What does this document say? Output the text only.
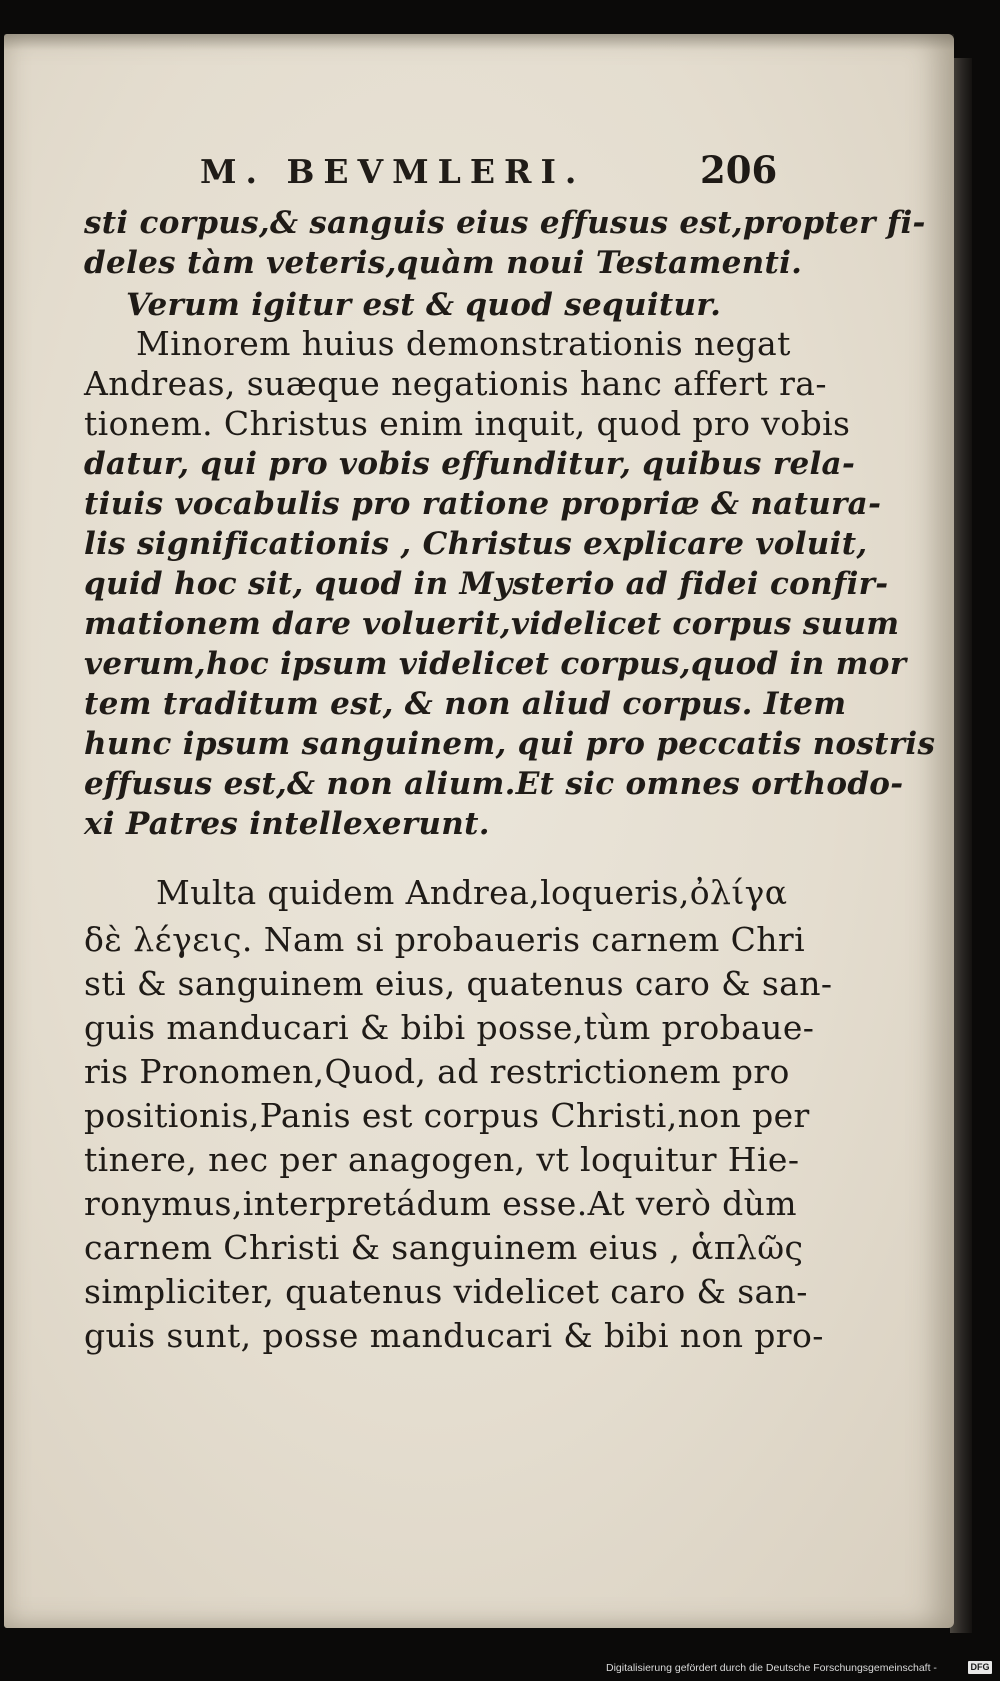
M. BEVMLERI.	206
sti corpus,& sanguis eius effusus est,propter fi-
deles tàm veteris,quàm noui Testamenti.
Verum igitur est & quod sequitur.
Minorem huius demonstrationis negat
Andreas, suæque negationis hanc affert ra-
tionem. Christus enim inquit, quod pro vobis
datur, qui pro vobis effunditur, quibus rela-
tiuis vocabulis pro ratione propriæ & natura-
lis significationis , Christus explicare voluit,
quid hoc sit, quod in Mysterio ad fidei confir-
mationem dare voluerit,videlicet corpus suum
verum,hoc ipsum videlicet corpus,quod in mor
tem traditum est, & non aliud corpus. Item
hunc ipsum sanguinem, qui pro peccatis nostris
effusus est,& non alium.Et sic omnes orthodo-
xi Patres intellexerunt.
Multa quidem Andrea,loqueris,ὀλίγα
δὲ λέγεις. Nam si probaueris carnem Chri
sti & sanguinem eius, quatenus caro & san-
guis manducari & bibi posse,tùm probaue-
ris Pronomen,Quod, ad restrictionem pro
positionis,Panis est corpus Christi,non per
tinere, nec per anagogen, vt loquitur Hie-
ronymus,interpretádum esse.At verò dùm
carnem Christi & sanguinem eius , ἁπλῶς
simpliciter, quatenus videlicet caro & san-
guis sunt, posse manducari & bibi non pro-
Digitalisierung gefördert durch die Deutsche Forschungsgemeinschaft -	DFG
